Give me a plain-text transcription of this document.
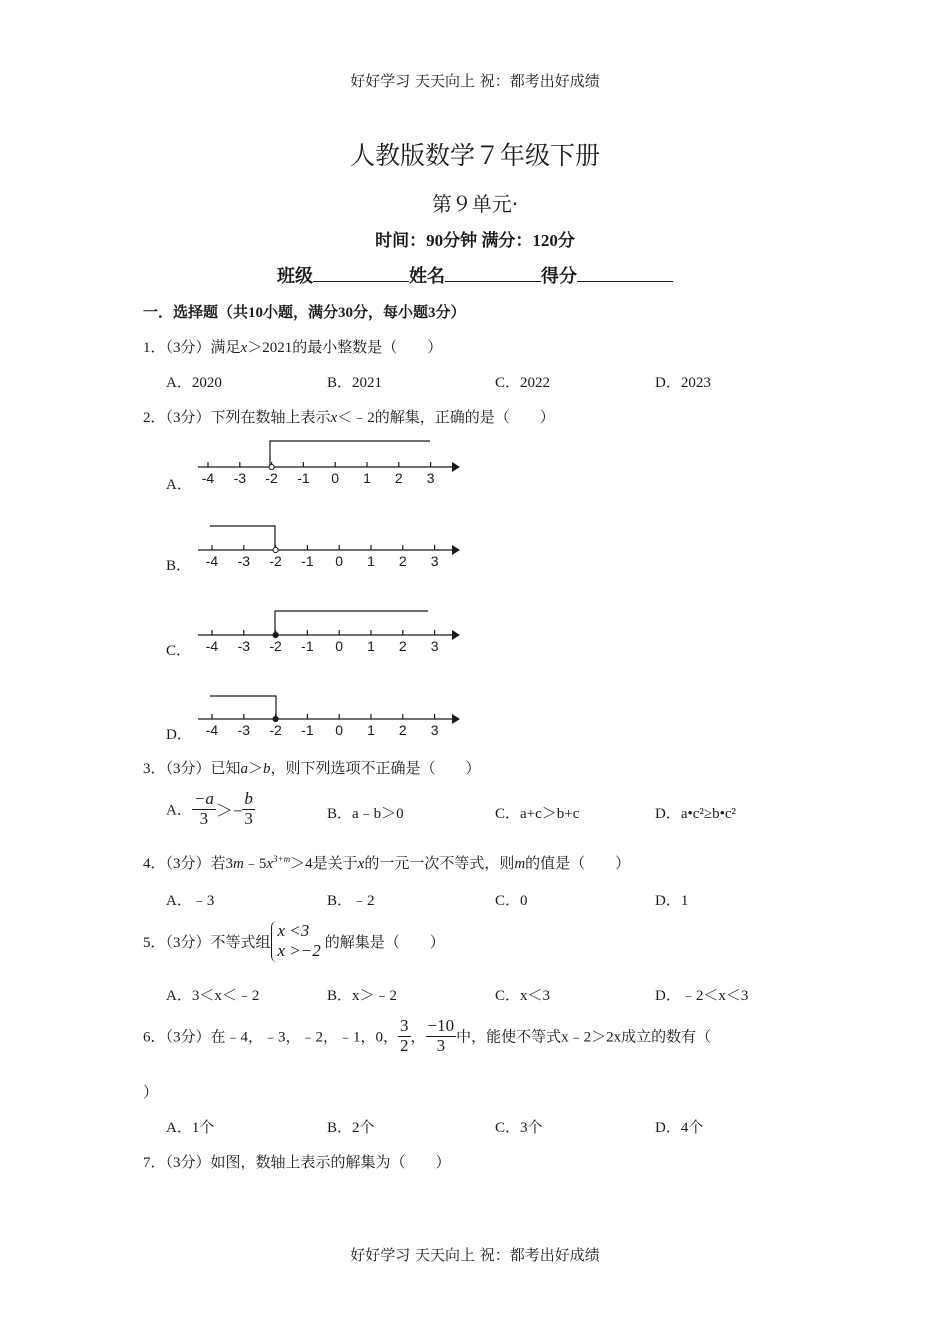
好好学习 天天向上 祝：都考出好成绩
人教版数学７年级下册
第９单元·
时间：90分钟 满分：120分
班级	姓名	得分
一．选择题（共10小题，满分30分，每小题3分）
1．（3分）满足x＞2021的最小整数是（　　）
A．2020	B．2021	C．2022	D．2023
2．（3分）下列在数轴上表示x＜﹣2的解集，正确的是（　　）
A． -4 -3 -2 -1 0 1 2 3
B． -4 -3 -2 -1 0 1 2 3
C． -4 -3 -2 -1 0 1 2 3
D． -4 -3 -2 -1 0 1 2 3
3．（3分）已知a＞b，则下列选项不正确是（　　）
A． $\frac{-a}{3} >- \frac{b}{3}$	B．a﹣b＞0	C．a+c＞b+c	D．a•c²≥b•c²
4．（3分）若$3m﹣5x^{3+m}>4$是关于x的一元一次不等式，则m的值是（　　）
A．﹣3	B．﹣2	C．0	D．1
5．（3分）不等式组
x <3
x >−2 的解集是（　　）
A．3＜x＜﹣2	B．x＞﹣2	C．x＜3	D．﹣2＜x＜3
6．（3分）在﹣4，﹣3，﹣2，﹣1，0， $\frac{3}{2}$ ， $\frac{-10}{3}$ 中，能使不等式x﹣2＞2x成立的数有（
）
A．1个	B．2个	C．3个	D．4个
7．（3分）如图，数轴上表示的解集为（　　）
好好学习 天天向上 祝：都考出好成绩
